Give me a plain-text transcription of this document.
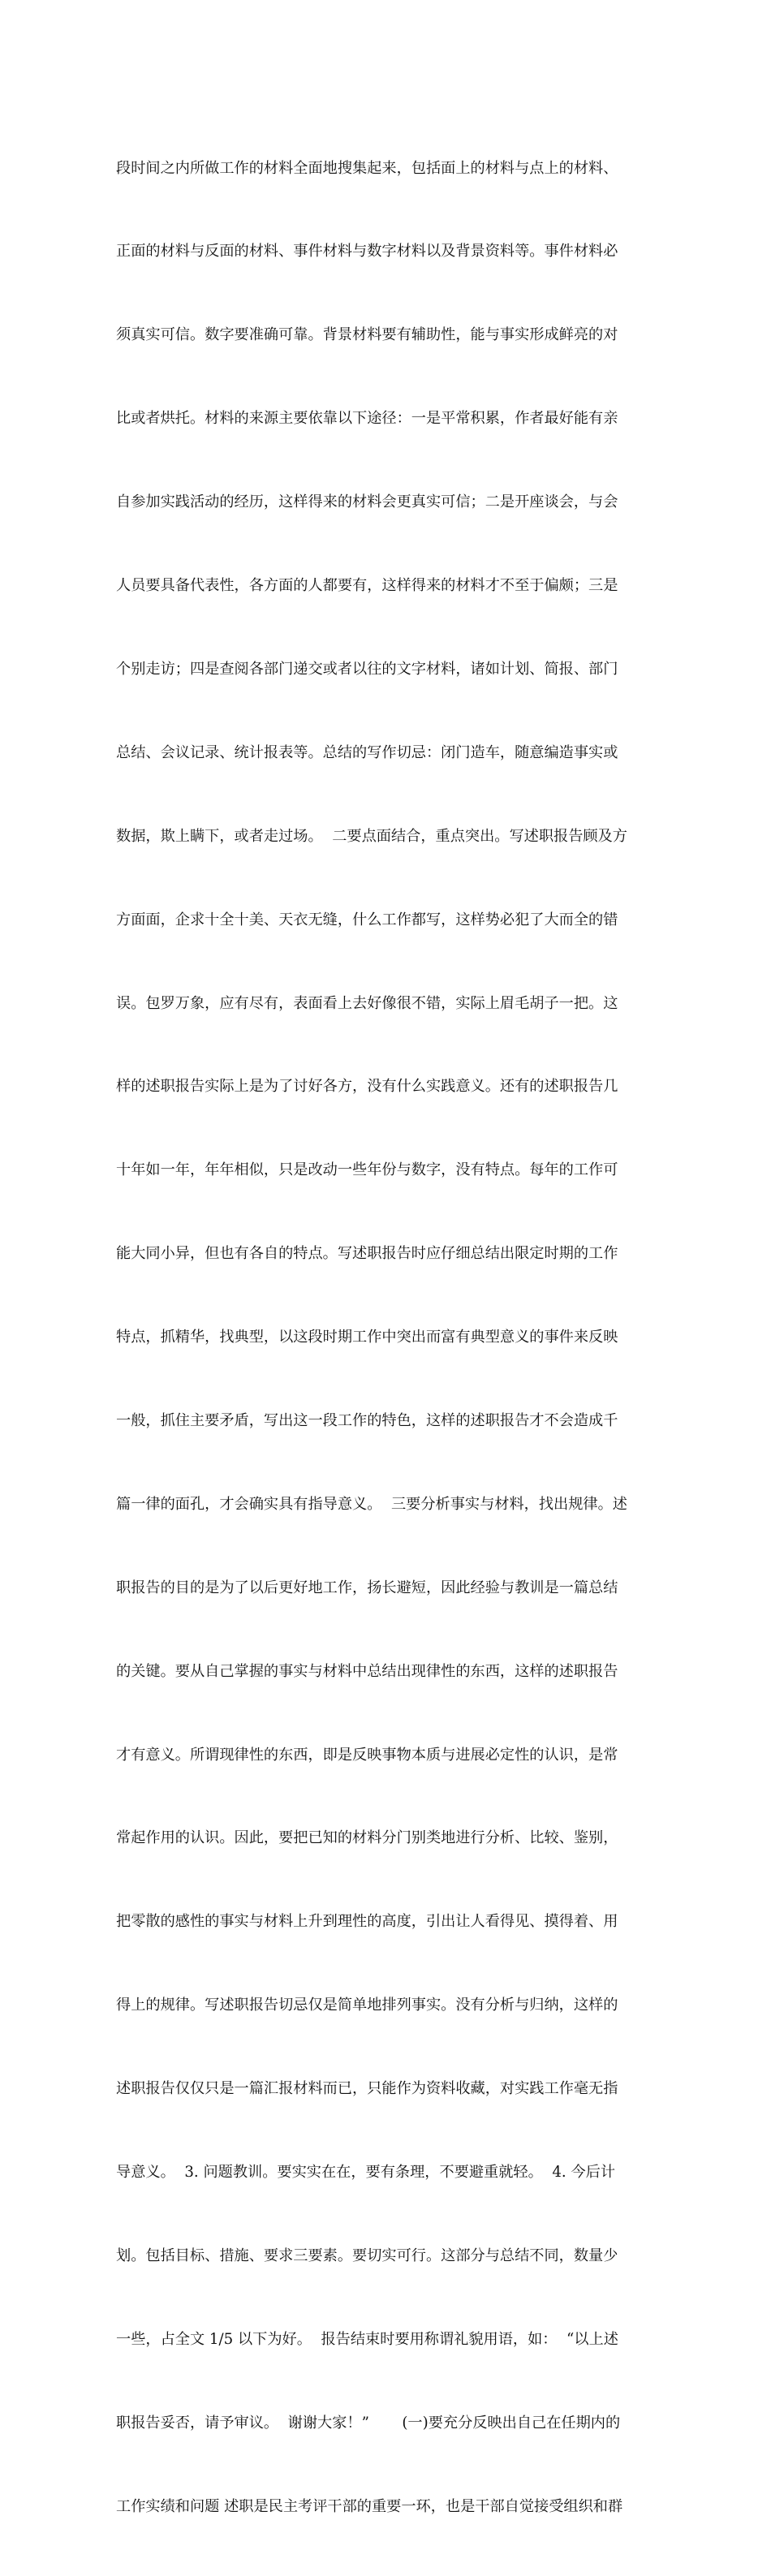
段时间之内所做工作的材料全面地搜集起来，包括面上的材料与点上的材料、

正面的材料与反面的材料、事件材料与数字材料以及背景资料等。事件材料必

须真实可信。数字要准确可靠。背景材料要有辅助性，能与事实形成鲜亮的对

比或者烘托。材料的来源主要依靠以下途径：一是平常积累，作者最好能有亲

自参加实践活动的经历，这样得来的材料会更真实可信；二是开座谈会，与会

人员要具备代表性，各方面的人都要有，这样得来的材料才不至于偏颇；三是

个别走访；四是查阅各部门递交或者以往的文字材料，诸如计划、简报、部门

总结、会议记录、统计报表等。总结的写作切忌：闭门造车，随意编造事实或

数据，欺上瞒下，或者走过场。  二要点面结合，重点突出。写述职报告顾及方

方面面，企求十全十美、天衣无缝，什么工作都写，这样势必犯了大而全的错

误。包罗万象，应有尽有，表面看上去好像很不错，实际上眉毛胡子一把。这

样的述职报告实际上是为了讨好各方，没有什么实践意义。还有的述职报告几

十年如一年，年年相似，只是改动一些年份与数字，没有特点。每年的工作可

能大同小异，但也有各自的特点。写述职报告时应仔细总结出限定时期的工作

特点，抓精华，找典型，以这段时期工作中突出而富有典型意义的事件来反映

一般，抓住主要矛盾，写出这一段工作的特色，这样的述职报告才不会造成千

篇一律的面孔，才会确实具有指导意义。  三要分析事实与材料，找出规律。述

职报告的目的是为了以后更好地工作，扬长避短，因此经验与教训是一篇总结

的关键。要从自己掌握的事实与材料中总结出现律性的东西，这样的述职报告

才有意义。所谓现律性的东西，即是反映事物本质与进展必定性的认识，是常

常起作用的认识。因此，要把已知的材料分门别类地进行分析、比较、鉴别，

把零散的感性的事实与材料上升到理性的高度，引出让人看得见、摸得着、用

得上的规律。写述职报告切忌仅是简单地排列事实。没有分析与归纳，这样的

述职报告仅仅只是一篇汇报材料而已，只能作为资料收藏，对实践工作毫无指

导意义。  3. 问题教训。要实实在在，要有条理，不要避重就轻。  4. 今后计

划。包括目标、措施、要求三要素。要切实可行。这部分与总结不同，数量少

一些，占全文 1/5 以下为好。  报告结束时要用称谓礼貌用语，如：  “以上述

职报告妥否，请予审议。  谢谢大家！”       (一)要充分反映出自己在任期内的

工作实绩和问题 述职是民主考评干部的重要一环，也是干部自觉接受组织和群
